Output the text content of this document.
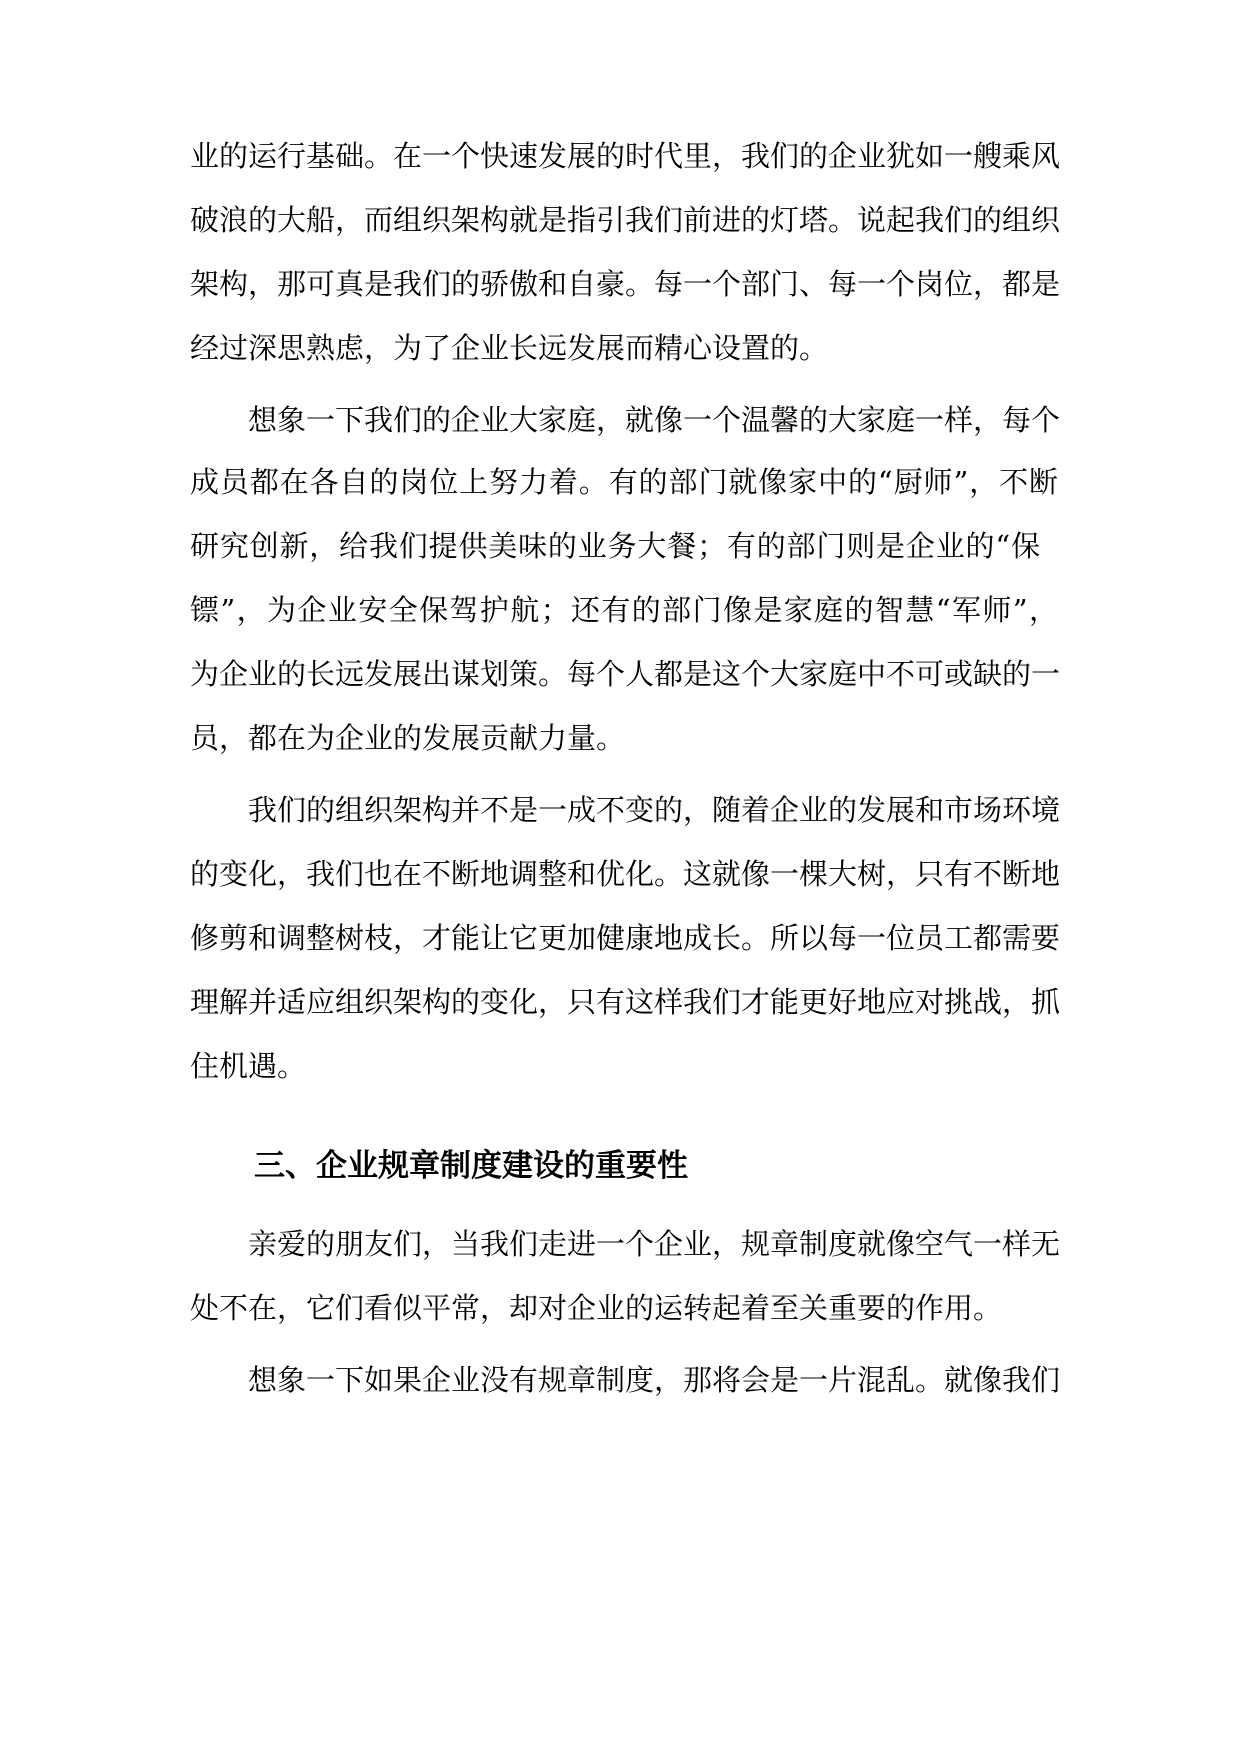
业的运行基础。在一个快速发展的时代里，我们的企业犹如一艘乘风
破浪的大船，而组织架构就是指引我们前进的灯塔。说起我们的组织
架构，那可真是我们的骄傲和自豪。每一个部门、每一个岗位，都是
经过深思熟虑，为了企业长远发展而精心设置的。
想象一下我们的企业大家庭，就像一个温馨的大家庭一样，每个
成员都在各自的岗位上努力着。有的部门就像家中的“厨师”，不断
研究创新，给我们提供美味的业务大餐；有的部门则是企业的“保
镖”，为企业安全保驾护航；还有的部门像是家庭的智慧“军师”，
为企业的长远发展出谋划策。每个人都是这个大家庭中不可或缺的一
员，都在为企业的发展贡献力量。
我们的组织架构并不是一成不变的，随着企业的发展和市场环境
的变化，我们也在不断地调整和优化。这就像一棵大树，只有不断地
修剪和调整树枝，才能让它更加健康地成长。所以每一位员工都需要
理解并适应组织架构的变化，只有这样我们才能更好地应对挑战，抓
住机遇。
三、企业规章制度建设的重要性
亲爱的朋友们，当我们走进一个企业，规章制度就像空气一样无
处不在，它们看似平常，却对企业的运转起着至关重要的作用。
想象一下如果企业没有规章制度，那将会是一片混乱。就像我们
